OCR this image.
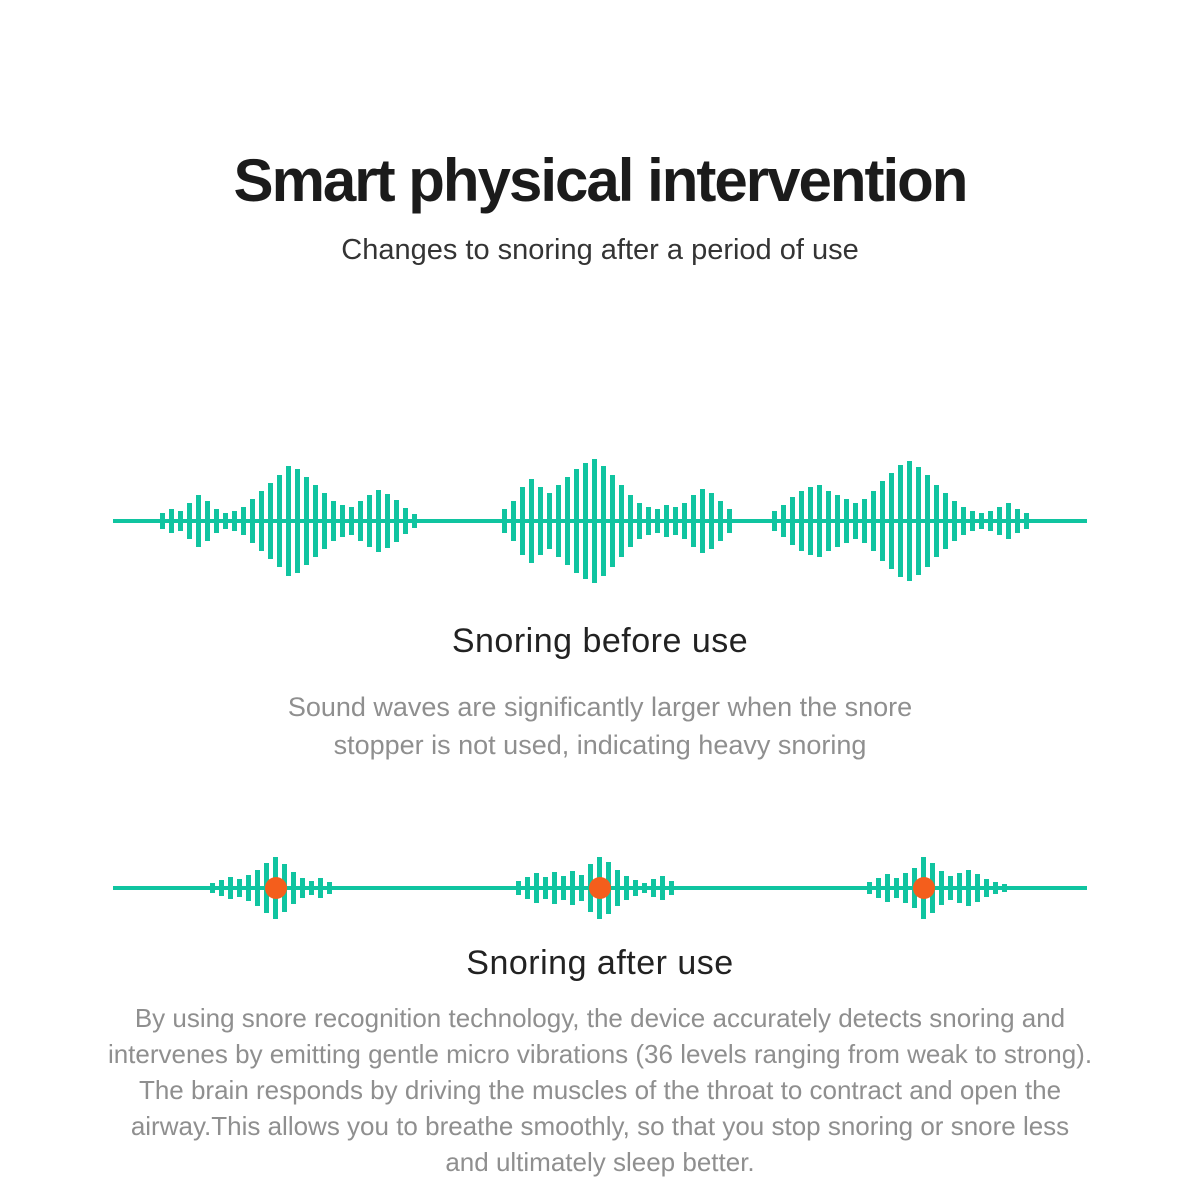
Smart physical intervention
Changes to snoring after a period of use
Snoring before use
Sound waves are significantly larger when the snore
stopper is not used, indicating heavy snoring
Snoring after use
By using snore recognition technology, the device accurately detects snoring and
intervenes by emitting gentle micro vibrations (36 levels ranging from weak to strong).
The brain responds by driving the muscles of the throat to contract and open the
airway.This allows you to breathe smoothly, so that you stop snoring or snore less
and ultimately sleep better.
